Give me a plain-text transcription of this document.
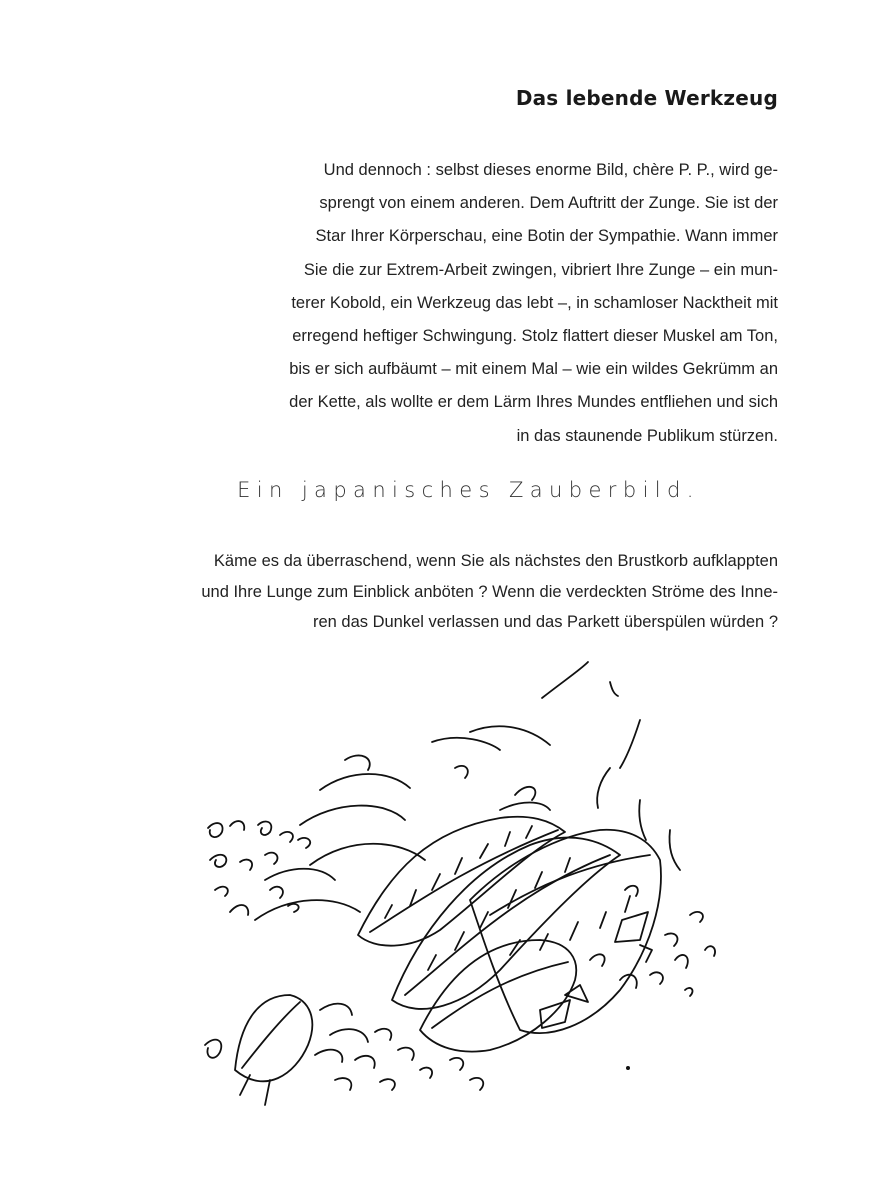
Das lebende Werkzeug
Und dennoch : selbst dieses enorme Bild, chère P. P., wird ge-
sprengt von einem anderen. Dem Auftritt der Zunge. Sie ist der
Star Ihrer Körperschau, eine Botin der Sympathie. Wann immer
Sie die zur Extrem-Arbeit zwingen, vibriert Ihre Zunge – ein mun-
terer Kobold, ein Werkzeug das lebt –, in schamloser Nacktheit mit
erregend heftiger Schwingung. Stolz flattert dieser Muskel am Ton,
bis er sich aufbäumt – mit einem Mal – wie ein wildes Gekrümm an
der Kette, als wollte er dem Lärm Ihres Mundes entfliehen und sich
in das staunende Publikum stürzen.
Ein japanisches Zauberbild.
Käme es da überraschend, wenn Sie als nächstes den Brustkorb aufklappten
und Ihre Lunge zum Einblick anböten ? Wenn die verdeckten Ströme des Inne-
ren das Dunkel verlassen und das Parkett überspülen würden ?
